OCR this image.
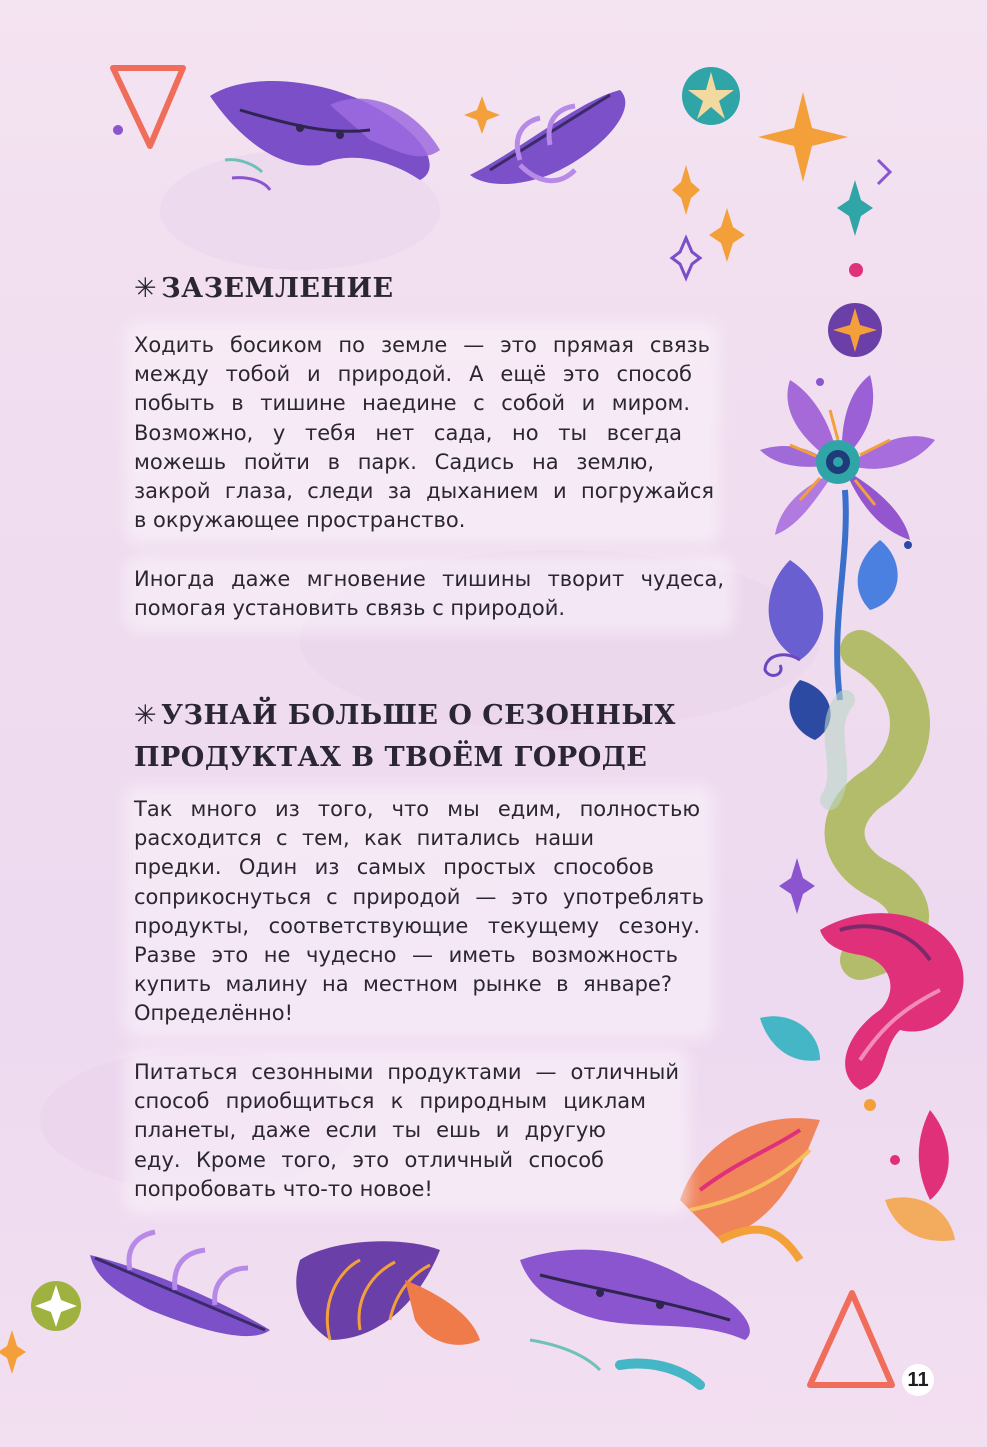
✳ ЗАЗЕМЛЕНИЕ

Ходить босиком по земле — это прямая связь
между тобой и природой. А ещё это способ
побыть в тишине наедине с собой и миром.
Возможно, у тебя нет сада, но ты всегда
можешь пойти в парк. Садись на землю,
закрой глаза, следи за дыханием и погружайся
в окружающее пространство.

Иногда даже мгновение тишины творит чудеса,
помогая установить связь с природой.

✳ УЗНАЙ БОЛЬШЕ О СЕЗОННЫХ
ПРОДУКТАХ В ТВОЁМ ГОРОДЕ

Так много из того, что мы едим, полностью
расходится с тем, как питались наши
предки. Один из самых простых способов
соприкоснуться с природой — это употреблять
продукты, соответствующие текущему сезону.
Разве это не чудесно — иметь возможность
купить малину на местном рынке в январе?
Определённо!

Питаться сезонными продуктами — отличный
способ приобщиться к природным циклам
планеты, даже если ты ешь и другую
еду. Кроме того, это отличный способ
попробовать что-то новое!

11
